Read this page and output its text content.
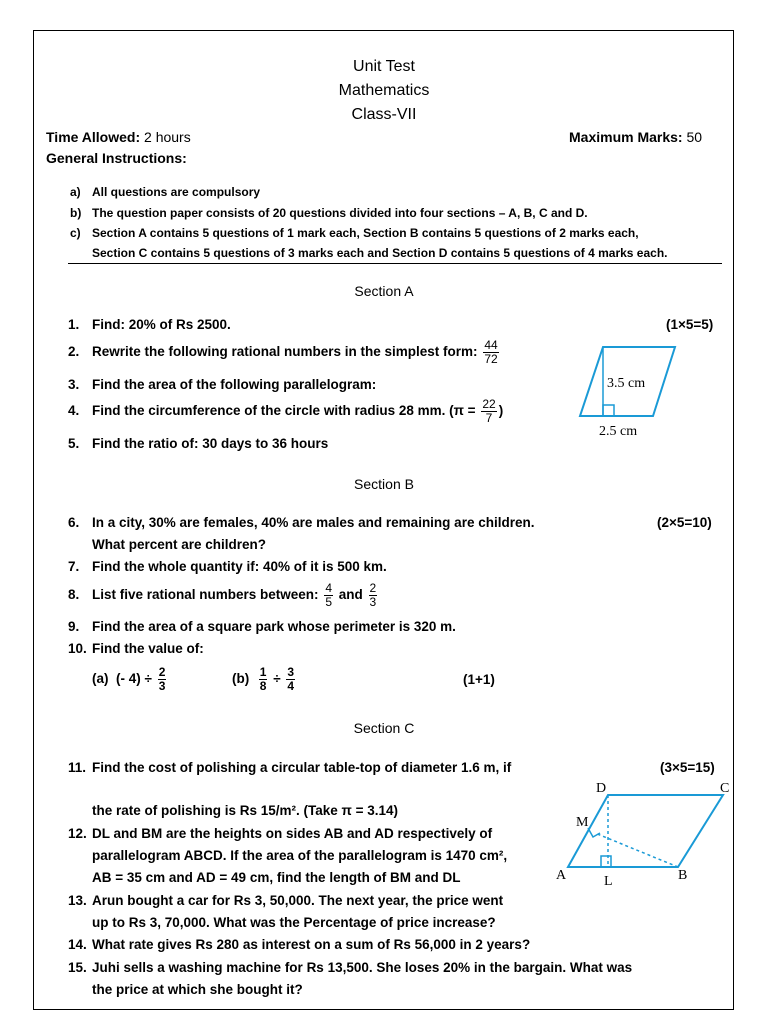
Unit Test
Mathematics
Class-VII
Time Allowed: 2 hours	Maximum Marks: 50
General Instructions:
a) All questions are compulsory
b) The question paper consists of 20 questions divided into four sections – A, B, C and D.
c) Section A contains 5 questions of 1 mark each, Section B contains 5 questions of 2 marks each,
Section C contains 5 questions of 3 marks each and Section D contains 5 questions of 4 marks each.
Section A
(1×5=5)
1. Find: 20% of Rs 2500.
2. Rewrite the following rational numbers in the simplest form: $\frac{44}{72}$
3. Find the area of the following parallelogram:
4. Find the circumference of the circle with radius 28 mm. ($\pi = \frac{22}{7}$ )
5. Find the ratio of: 30 days to 36 hours
3.5 cm
2.5 cm
Section B
(2×5=10)
6. In a city, 30% are females, 40% are males and remaining are children.
What percent are children?
7. Find the whole quantity if: 40% of it is 500 km.
8. List five rational numbers between: $\frac{4}{5}$ and $\frac{2}{3}$
9. Find the area of a square park whose perimeter is 320 m.
10. Find the value of:
(a) (- $4) \div \frac{2}{3}$	$(b) \frac{1}{8} \div \frac{3}{4}$	(1+1)
Section C
(3×5=15)
11. Find the cost of polishing a circular table-top of diameter 1.6 m, if
the rate of polishing is Rs 15/m². (Take π = 3.14)
12. DL and BM are the heights on sides AB and AD respectively of
parallelogram ABCD. If the area of the parallelogram is 1470 cm²,
AB = 35 cm and AD = 49 cm, find the length of BM and DL
13. Arun bought a car for Rs 3, 50,000. The next year, the price went
up to Rs 3, 70,000. What was the Percentage of price increase?
14. What rate gives Rs 280 as interest on a sum of Rs 56,000 in 2 years?
15. Juhi sells a washing machine for Rs 13,500. She loses 20% in the bargain. What was
the price at which she bought it?
D	C
M
A	L	B
